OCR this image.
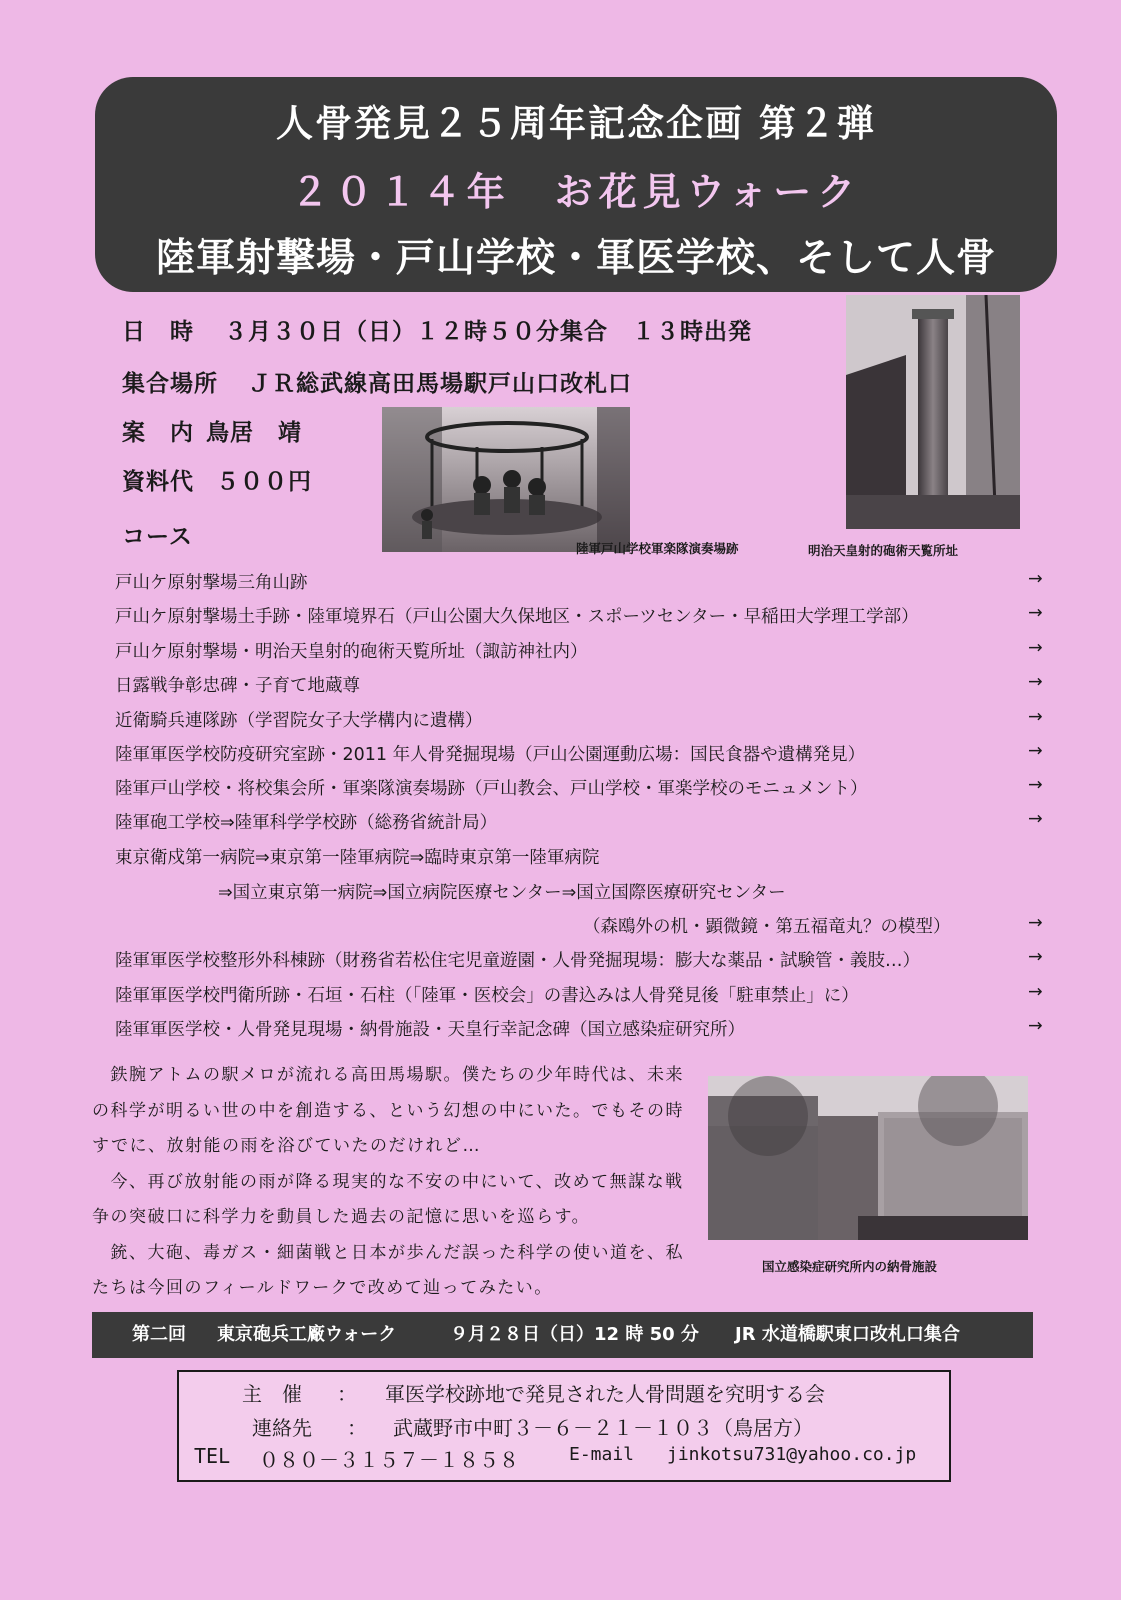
人骨発見２５周年記念企画 第２弾
２０１４年　お花見ウォーク
陸軍射撃場・戸山学校・軍医学校、そして人骨
日　時 ３月３０日（日）１２時５０分集合　１３時出発
集合場所 ＪＲ総武線高田馬場駅戸山口改札口
案　内 鳥居　靖
資料代 ５００円
コース	陸軍戸山学校軍楽隊演奏場跡	明治天皇射的砲術天覧所址
戸山ケ原射撃場三角山跡	→
戸山ケ原射撃場土手跡・陸軍境界石（戸山公園大久保地区・スポーツセンター・早稲田大学理工学部）	→
戸山ケ原射撃場・明治天皇射的砲術天覧所址（諏訪神社内）	→
日露戦争彰忠碑・子育て地蔵尊	→
近衛騎兵連隊跡（学習院女子大学構内に遺構）	→
陸軍軍医学校防疫研究室跡・2011 年人骨発掘現場（戸山公園運動広場：国民食器や遺構発見）	→
陸軍戸山学校・将校集会所・軍楽隊演奏場跡（戸山教会、戸山学校・軍楽学校のモニュメント）	→
陸軍砲工学校⇒陸軍科学学校跡（総務省統計局）	→
東京衛戍第一病院⇒東京第一陸軍病院⇒臨時東京第一陸軍病院
⇒国立東京第一病院⇒国立病院医療センター⇒国立国際医療研究センター
（森鴎外の机・顕微鏡・第五福竜丸？の模型）	→
陸軍軍医学校整形外科棟跡（財務省若松住宅児童遊園・人骨発掘現場：膨大な薬品・試験管・義肢…）	→
陸軍軍医学校門衛所跡・石垣・石柱（「陸軍・医校会」の書込みは人骨発見後「駐車禁止」に）	→
陸軍軍医学校・人骨発見現場・納骨施設・天皇行幸記念碑（国立感染症研究所）	→

　鉄腕アトムの駅メロが流れる高田馬場駅。僕たちの少年時代は、未来の科学が明るい世の中を創造する、という幻想の中にいた。でもその時すでに、放射能の雨を浴びていたのだけれど…

　今、再び放射能の雨が降る現実的な不安の中にいて、改めて無謀な戦争の突破口に科学力を動員した過去の記憶に思いを巡らす。

　銃、大砲、毒ガス・細菌戦と日本が歩んだ誤った科学の使い道を、私たちは今回のフィールドワークで改めて辿ってみたい。

国立感染症研究所内の納骨施設
第二回 東京砲兵工廠ウォーク	９月２８日（日）12 時 50 分 JR 水道橋駅東口改札口集合
主　催 ： 軍医学校跡地で発見された人骨問題を究明する会
連絡先 ： 武蔵野市中町３－６－２１－１０３（鳥居方）
TEL ０８０－３１５７－１８５８	E-mail jinkotsu731@yahoo.co.jp
